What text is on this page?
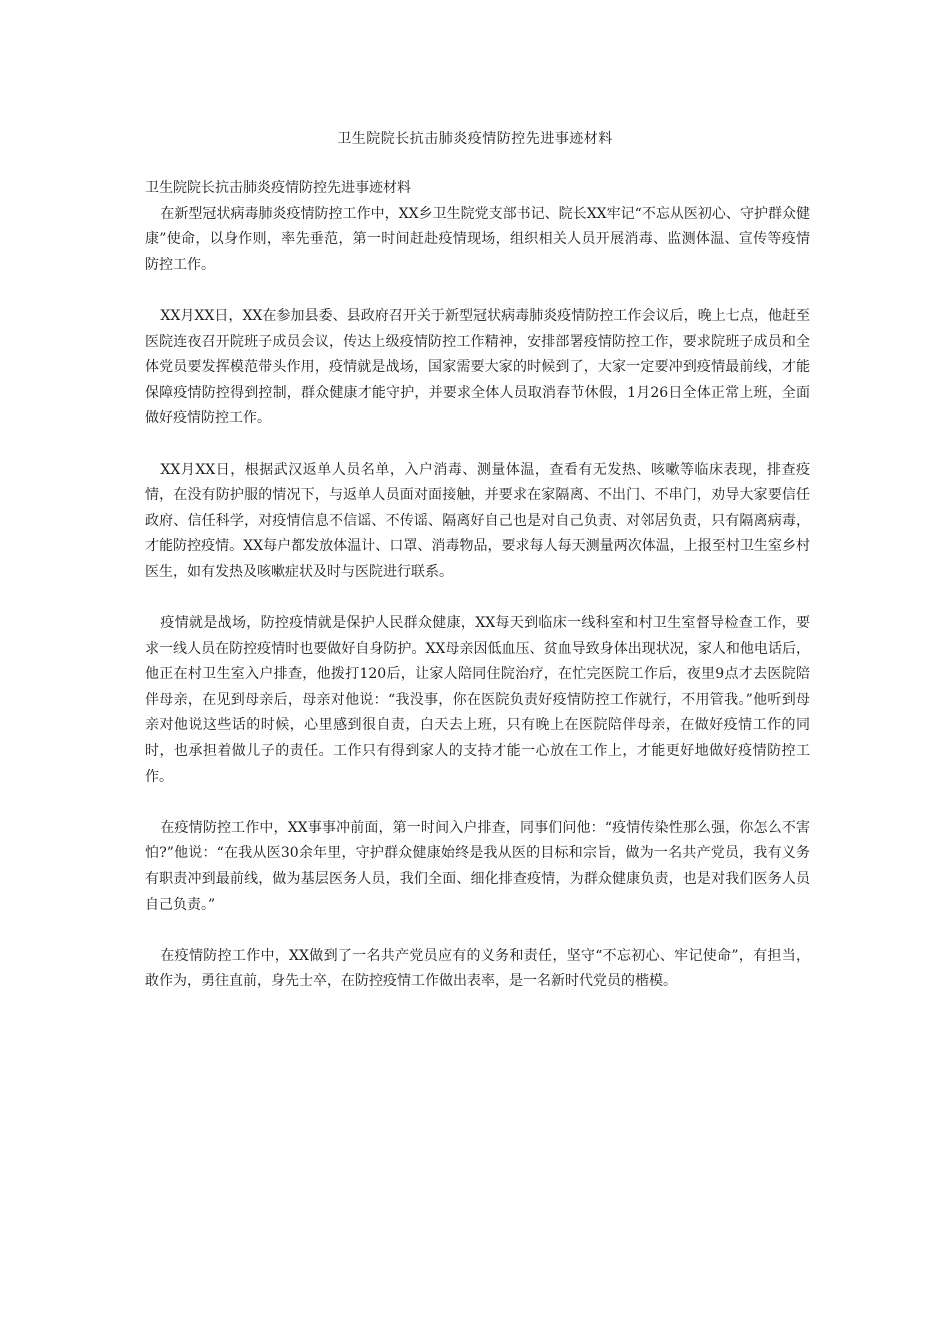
卫生院院长抗击肺炎疫情防控先进事迹材料

卫生院院长抗击肺炎疫情防控先进事迹材料

在新型冠状病毒肺炎疫情防控工作中，XX乡卫生院党支部书记、院长XX牢记“不忘从医初心、守护群众健康”使命，以身作则，率先垂范，第一时间赶赴疫情现场，组织相关人员开展消毒、监测体温、宣传等疫情防控工作。

XX月XX日，XX在参加县委、县政府召开关于新型冠状病毒肺炎疫情防控工作会议后，晚上七点，他赶至医院连夜召开院班子成员会议，传达上级疫情防控工作精神，安排部署疫情防控工作，要求院班子成员和全体党员要发挥模范带头作用，疫情就是战场，国家需要大家的时候到了，大家一定要冲到疫情最前线，才能保障疫情防控得到控制，群众健康才能守护，并要求全体人员取消春节休假，1月26日全体正常上班，全面做好疫情防控工作。

XX月XX日，根据武汉返单人员名单，入户消毒、测量体温，查看有无发热、咳嗽等临床表现，排查疫情，在没有防护服的情况下，与返单人员面对面接触，并要求在家隔离、不出门、不串门，劝导大家要信任政府、信任科学，对疫情信息不信谣、不传谣、隔离好自己也是对自己负责、对邻居负责，只有隔离病毒，才能防控疫情。XX每户都发放体温计、口罩、消毒物品，要求每人每天测量两次体温，上报至村卫生室乡村医生，如有发热及咳嗽症状及时与医院进行联系。

疫情就是战场，防控疫情就是保护人民群众健康，XX每天到临床一线科室和村卫生室督导检查工作，要求一线人员在防控疫情时也要做好自身防护。XX母亲因低血压、贫血导致身体出现状况，家人和他电话后，他正在村卫生室入户排查，他拨打120后，让家人陪同住院治疗，在忙完医院工作后，夜里9点才去医院陪伴母亲，在见到母亲后，母亲对他说：“我没事，你在医院负责好疫情防控工作就行，不用管我。”他听到母亲对他说这些话的时候，心里感到很自责，白天去上班，只有晚上在医院陪伴母亲，在做好疫情工作的同时，也承担着做儿子的责任。工作只有得到家人的支持才能一心放在工作上，才能更好地做好疫情防控工作。

在疫情防控工作中，XX事事冲前面，第一时间入户排查，同事们问他：“疫情传染性那么强，你怎么不害怕?”他说：“在我从医30余年里，守护群众健康始终是我从医的目标和宗旨，做为一名共产党员，我有义务有职责冲到最前线，做为基层医务人员，我们全面、细化排查疫情，为群众健康负责，也是对我们医务人员自己负责。”

在疫情防控工作中，XX做到了一名共产党员应有的义务和责任，坚守“不忘初心、牢记使命”，有担当，敢作为，勇往直前，身先士卒，在防控疫情工作做出表率，是一名新时代党员的楷模。
